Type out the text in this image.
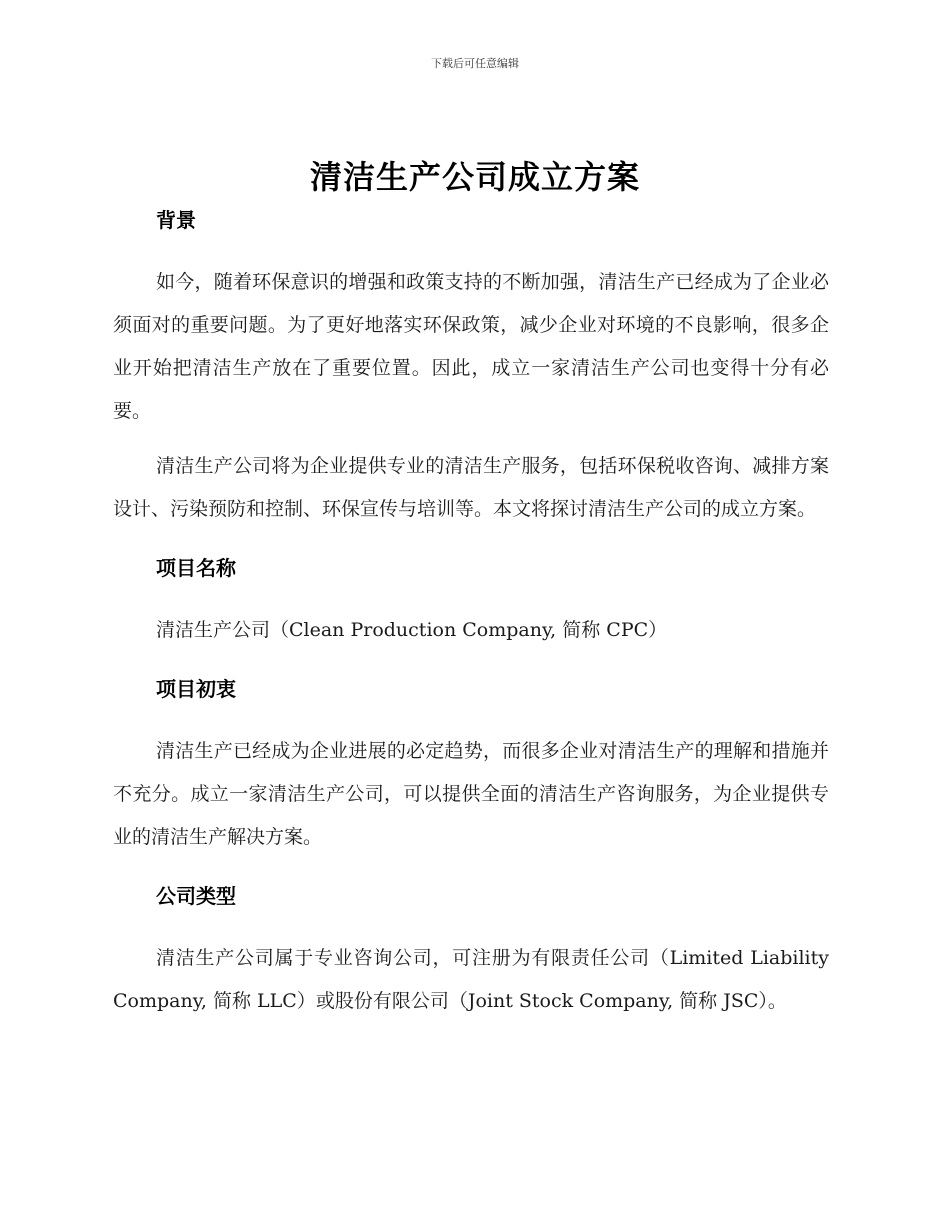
下载后可任意编辑
清洁生产公司成立方案
背景

如今，随着环保意识的增强和政策支持的不断加强，清洁生产已经成为了企业必须面对的重要问题。为了更好地落实环保政策，减少企业对环境的不良影响，很多企业开始把清洁生产放在了重要位置。因此，成立一家清洁生产公司也变得十分有必要。

清洁生产公司将为企业提供专业的清洁生产服务，包括环保税收咨询、减排方案设计、污染预防和控制、环保宣传与培训等。本文将探讨清洁生产公司的成立方案。

项目名称

清洁生产公司（Clean Production Company, 简称 CPC）

项目初衷

清洁生产已经成为企业进展的必定趋势，而很多企业对清洁生产的理解和措施并不充分。成立一家清洁生产公司，可以提供全面的清洁生产咨询服务，为企业提供专业的清洁生产解决方案。

公司类型

清洁生产公司属于专业咨询公司，可注册为有限责任公司（Limited Liability Company, 简称 LLC）或股份有限公司（Joint Stock Company, 简称 JSC）。
